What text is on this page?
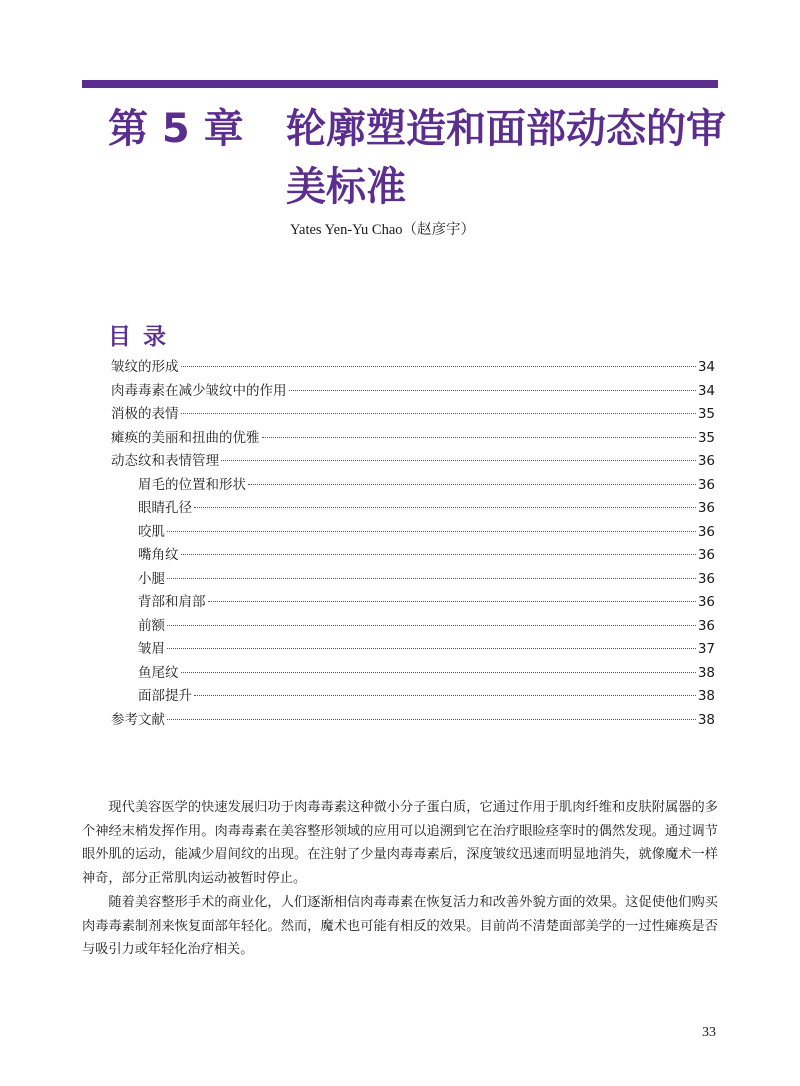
第 5 章 轮廓塑造和面部动态的审美标准
Yates Yen-Yu Chao（赵彦宇）
目录
皱纹的形成	34
肉毒毒素在减少皱纹中的作用	34
消极的表情	35
瘫痪的美丽和扭曲的优雅	35
动态纹和表情管理	36
眉毛的位置和形状	36
眼睛孔径	36
咬肌	36
嘴角纹	36
小腿	36
背部和肩部	36
前额	36
皱眉	37
鱼尾纹	38
面部提升	38
参考文献	38

现代美容医学的快速发展归功于肉毒毒素这种微小分子蛋白质，它通过作用于肌肉纤维和皮肤附属器的多个神经末梢发挥作用。肉毒毒素在美容整形领域的应用可以追溯到它在治疗眼睑痉挛时的偶然发现。通过调节眼外肌的运动，能减少眉间纹的出现。在注射了少量肉毒毒素后，深度皱纹迅速而明显地消失，就像魔术一样神奇，部分正常肌肉运动被暂时停止。

随着美容整形手术的商业化，人们逐渐相信肉毒毒素在恢复活力和改善外貌方面的效果。这促使他们购买肉毒毒素制剂来恢复面部年轻化。然而，魔术也可能有相反的效果。目前尚不清楚面部美学的一过性瘫痪是否与吸引力或年轻化治疗相关。

33
